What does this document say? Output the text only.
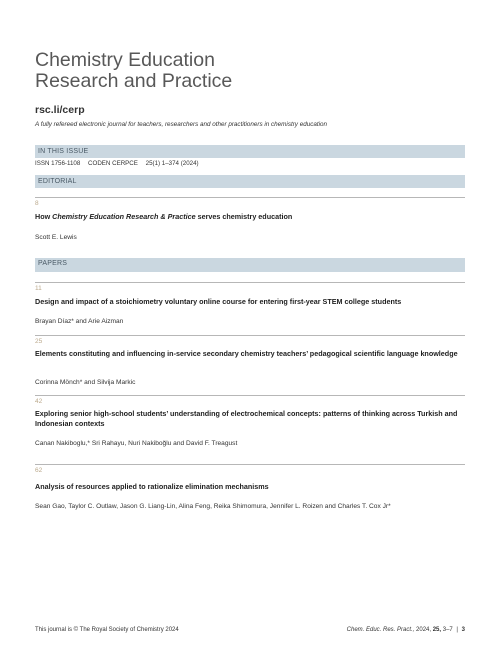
Chemistry Education
Research and Practice
rsc.li/cerp
A fully refereed electronic journal for teachers, researchers and other practitioners in chemistry education
IN THIS ISSUE
ISSN 1756-1108 CODEN CERPCE 25(1) 1–374 (2024)
EDITORIAL
8
How Chemistry Education Research & Practice serves chemistry education
Scott E. Lewis
PAPERS
11
Design and impact of a stoichiometry voluntary online course for entering first-year STEM college students
Brayan Díaz* and Arie Aizman
25
Elements constituting and influencing in-service secondary chemistry teachers’ pedagogical scientific language knowledge
Corinna Mönch* and Silvija Markic
42
Exploring senior high-school students’ understanding of electrochemical concepts: patterns of thinking across Turkish and Indonesian contexts
Canan Nakiboglu,* Sri Rahayu, Nuri Nakiboğlu and David F. Treagust
62
Analysis of resources applied to rationalize elimination mechanisms
Sean Gao, Taylor C. Outlaw, Jason G. Liang-Lin, Alina Feng, Reika Shimomura, Jennifer L. Roizen and Charles T. Cox Jr*
This journal is © The Royal Society of Chemistry 2024	Chem. Educ. Res. Pract., 2024, 25, 3–7 | 3
